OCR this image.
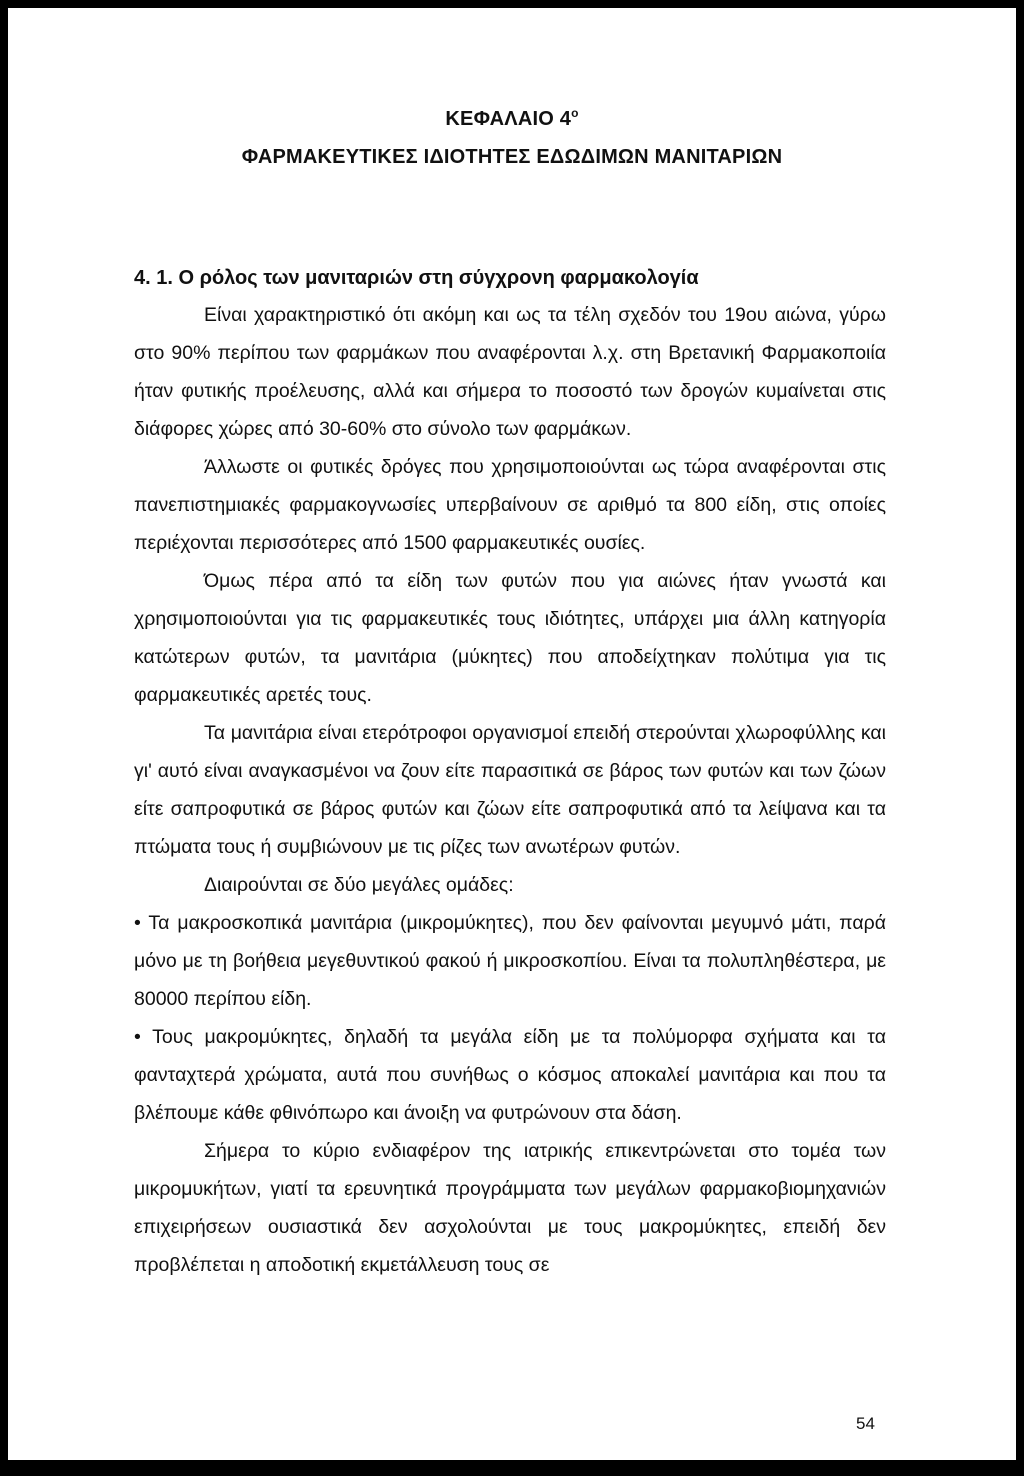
ΚΕΦΑΛΑΙΟ $4^o$
ΦΑΡΜΑΚΕΥΤΙΚΕΣ ΙΔΙΟΤΗΤΕΣ ΕΔΩΔΙΜΩΝ ΜΑΝΙΤΑΡΙΩΝ

4. 1. Ο ρόλος των μανιταριών στη σύγχρονη φαρμακολογία

Είναι χαρακτηριστικό ότι ακόμη και ως τα τέλη σχεδόν του 19ου αιώνα, γύρω στο 90% περίπου των φαρμάκων που αναφέρονται λ.χ. στη Βρετανική Φαρμακοποιία ήταν φυτικής προέλευσης, αλλά και σήμερα το ποσοστό των δρογών κυμαίνεται στις διάφορες χώρες από 30-60% στο σύνολο των φαρμάκων.

Άλλωστε οι φυτικές δρόγες που χρησιμοποιούνται ως τώρα αναφέρονται στις πανεπιστημιακές φαρμακογνωσίες υπερβαίνουν σε αριθμό τα 800 είδη, στις οποίες περιέχονται περισσότερες από 1500 φαρμακευτικές ουσίες.

Όμως πέρα από τα είδη των φυτών που για αιώνες ήταν γνωστά και χρησιμοποιούνται για τις φαρμακευτικές τους ιδιότητες, υπάρχει μια άλλη κατηγορία κατώτερων φυτών, τα μανιτάρια (μύκητες) που αποδείχτηκαν πολύτιμα για τις φαρμακευτικές αρετές τους.

Τα μανιτάρια είναι ετερότροφοι οργανισμοί επειδή στερούνται χλωροφύλλης και γι' αυτό είναι αναγκασμένοι να ζουν είτε παρασιτικά σε βάρος των φυτών και των ζώων είτε σαπροφυτικά σε βάρος φυτών και ζώων είτε σαπροφυτικά από τα λείψανα και τα πτώματα τους ή συμβιώνουν με τις ρίζες των ανωτέρων φυτών.

Διαιρούνται σε δύο μεγάλες ομάδες:

• Τα μακροσκοπικά μανιτάρια (μικρομύκητες), που δεν φαίνονται μεγυμνό μάτι, παρά μόνο με τη βοήθεια μεγεθυντικού φακού ή μικροσκοπίου. Είναι τα πολυπληθέστερα, με 80000 περίπου είδη.

• Τους μακρομύκητες, δηλαδή τα μεγάλα είδη με τα πολύμορφα σχήματα και τα φανταχτερά χρώματα, αυτά που συνήθως ο κόσμος αποκαλεί μανιτάρια και που τα βλέπουμε κάθε φθινόπωρο και άνοιξη να φυτρώνουν στα δάση.

Σήμερα το κύριο ενδιαφέρον της ιατρικής επικεντρώνεται στο τομέα των μικρομυκήτων, γιατί τα ερευνητικά προγράμματα των μεγάλων φαρμακοβιομηχανιών επιχειρήσεων ουσιαστικά δεν ασχολούνται με τους μακρομύκητες, επειδή δεν προβλέπεται η αποδοτική εκμετάλλευση τους σε

54
